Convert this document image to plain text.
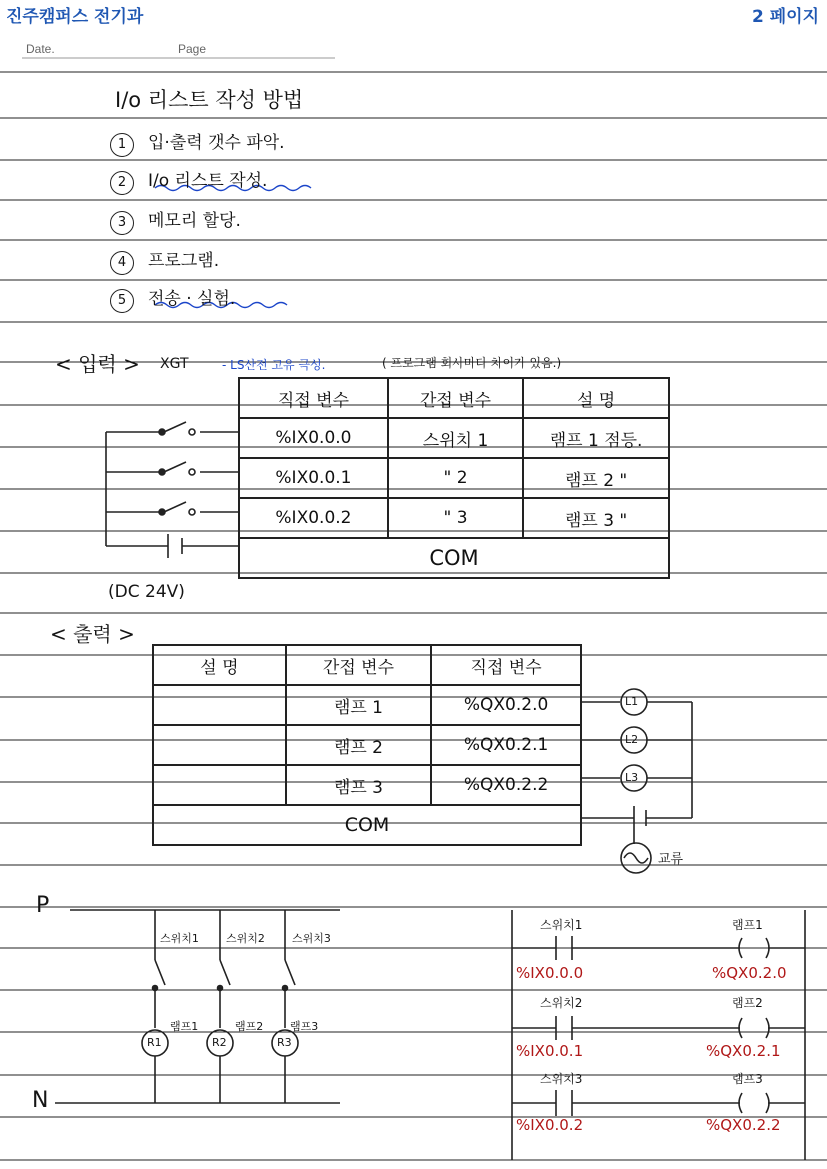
진주캠퍼스 전기과	2 페이지
Date.	Page
I/o 리스트 작성 방법
1 입·출력 갯수 파악.
2 I/o 리스트 작성.
3 메모리 할당.
4 프로그램.
5 전송 · 실험.
< 입력 > XGT	- LS산전 고유 극성.	( 프로그램 회사마다 차이가 있음.)
직접 변수	간접 변수	설 명
%IX0.0.0	스위치 1	램프 1 점등.
%IX0.0.1	" 2	램프 2 "
%IX0.0.2	" 3	램프 3 "
COM		
(DC 24V)
< 출력 >
설 명	간접 변수	직접 변수
	램프 1	%QX0.2.0
	램프 2	%QX0.2.1
	램프 3	%QX0.2.2
COM		
L1
L2
L3
교류
P
N
스위치1 스위치2 스위치3
램프1	램프2 램프3
R1	R2	R3
스위치1	램프1
%IX0.0.0	%QX0.2.0
스위치2	램프2
%IX0.0.1	%QX0.2.1
스위치3	램프3
%IX0.0.2	%QX0.2.2
